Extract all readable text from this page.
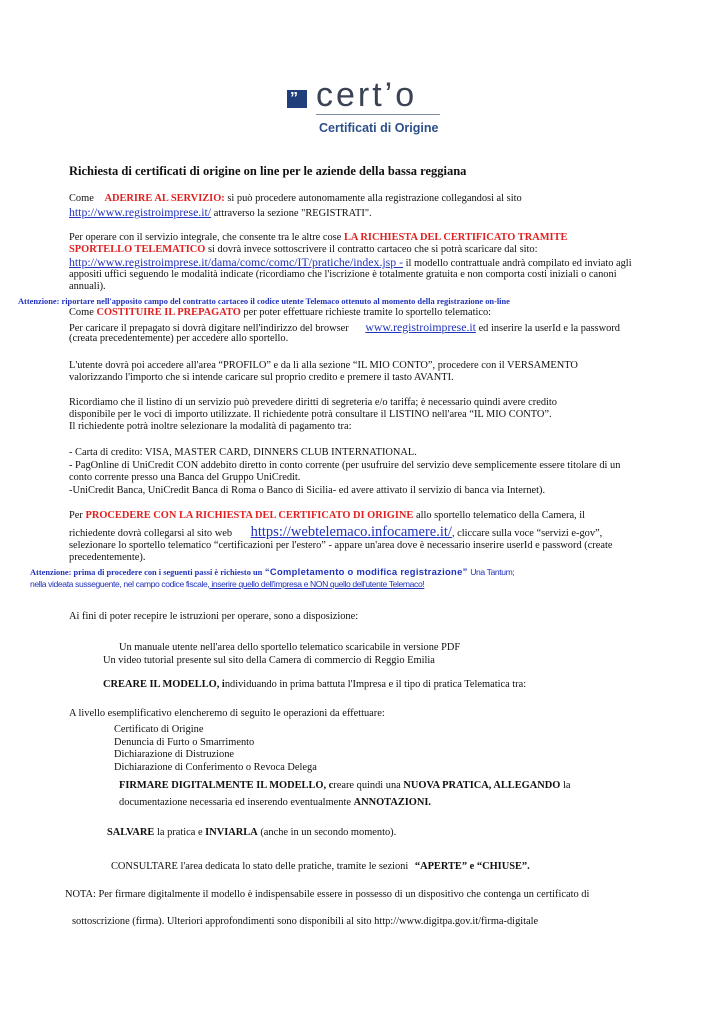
” cert’o
Certificati di Origine
Richiesta di certificati di origine on line per le aziende della bassa reggiana
Come ADERIRE AL SERVIZIO: si può procedere autonomamente alla registrazione collegandosi al sito
http://www.registroimprese.it/ attraverso la sezione "REGISTRATI".
Per operare con il servizio integrale, che consente tra le altre cose LA RICHIESTA DEL CERTIFICATO TRAMITE
SPORTELLO TELEMATICO si dovrà invece sottoscrivere il contratto cartaceo che si potrà scaricare dal sito:
http://www.registroimprese.it/dama/comc/comc/IT/pratiche/index.jsp - il modello contrattuale andrà compilato ed inviato agli
appositi uffici seguendo le modalità indicate (ricordiamo che l'iscrizione è totalmente gratuita e non comporta costi iniziali o canoni
annuali).
Attenzione: riportare nell'apposito campo del contratto cartaceo il codice utente Telemaco ottenuto al momento della registrazione on-line
Come COSTITUIRE IL PREPAGATO per poter effettuare richieste tramite lo sportello telematico:
Per caricare il prepagato si dovrà digitare nell'indirizzo del browser www.registroimprese.it ed inserire la userId e la password
(creata precedentemente) per accedere allo sportello.
L'utente dovrà poi accedere all'area “PROFILO” e da lì alla sezione “IL MIO CONTO”, procedere con il VERSAMENTO
valorizzando l'importo che si intende caricare sul proprio credito e premere il tasto AVANTI.
Ricordiamo che il listino di un servizio può prevedere diritti di segreteria e/o tariffa; è necessario quindi avere credito
disponibile per le voci di importo utilizzate. Il richiedente potrà consultare il LISTINO nell'area “IL MIO CONTO”.
Il richiedente potrà inoltre selezionare la modalità di pagamento tra:
- Carta di credito: VISA, MASTER CARD, DINNERS CLUB INTERNATIONAL.
- PagOnline di UniCredit CON addebito diretto in conto corrente (per usufruire del servizio deve semplicemente essere titolare di un
conto corrente presso una Banca del Gruppo UniCredit.
-UniCredit Banca, UniCredit Banca di Roma o Banco di Sicilia- ed avere attivato il servizio di banca via Internet).
Per PROCEDERE CON LA RICHIESTA DEL CERTIFICATO DI ORIGINE allo sportello telematico della Camera, il
richiedente dovrà collegarsi al sito web https://webtelemaco.infocamere.it/, cliccare sulla voce “servizi e-gov”,
selezionare lo sportello telematico “certificazioni per l'estero” - appare un'area dove è necessario inserire userId e password (create
precedentemente).
Attenzione: prima di procedere con i seguenti passi è richiesto un “Completamento o modifica registrazione” Una Tantum;
nella videata susseguente, nel campo codice fiscale, inserire quello dell'impresa e NON quello dell'utente Telemaco!
Ai fini di poter recepire le istruzioni per operare, sono a disposizione:
Un manuale utente nell'area dello sportello telematico scaricabile in versione PDF
Un video tutorial presente sul sito della Camera di commercio di Reggio Emilia
CREARE IL MODELLO, individuando in prima battuta l'Impresa e il tipo di pratica Telematica tra:
A livello esemplificativo elencheremo di seguito le operazioni da effettuare:
Certificato di Origine
Denuncia di Furto o Smarrimento
Dichiarazione di Distruzione
Dichiarazione di Conferimento o Revoca Delega
FIRMARE DIGITALMENTE IL MODELLO, creare quindi una NUOVA PRATICA, ALLEGANDO la
documentazione necessaria ed inserendo eventualmente ANNOTAZIONI.
SALVARE la pratica e INVIARLA (anche in un secondo momento).
CONSULTARE l'area dedicata lo stato delle pratiche, tramite le sezioni “APERTE” e “CHIUSE”.
NOTA: Per firmare digitalmente il modello è indispensabile essere in possesso di un dispositivo che contenga un certificato di
sottoscrizione (firma). Ulteriori approfondimenti sono disponibili al sito http://www.digitpa.gov.it/firma-digitale
